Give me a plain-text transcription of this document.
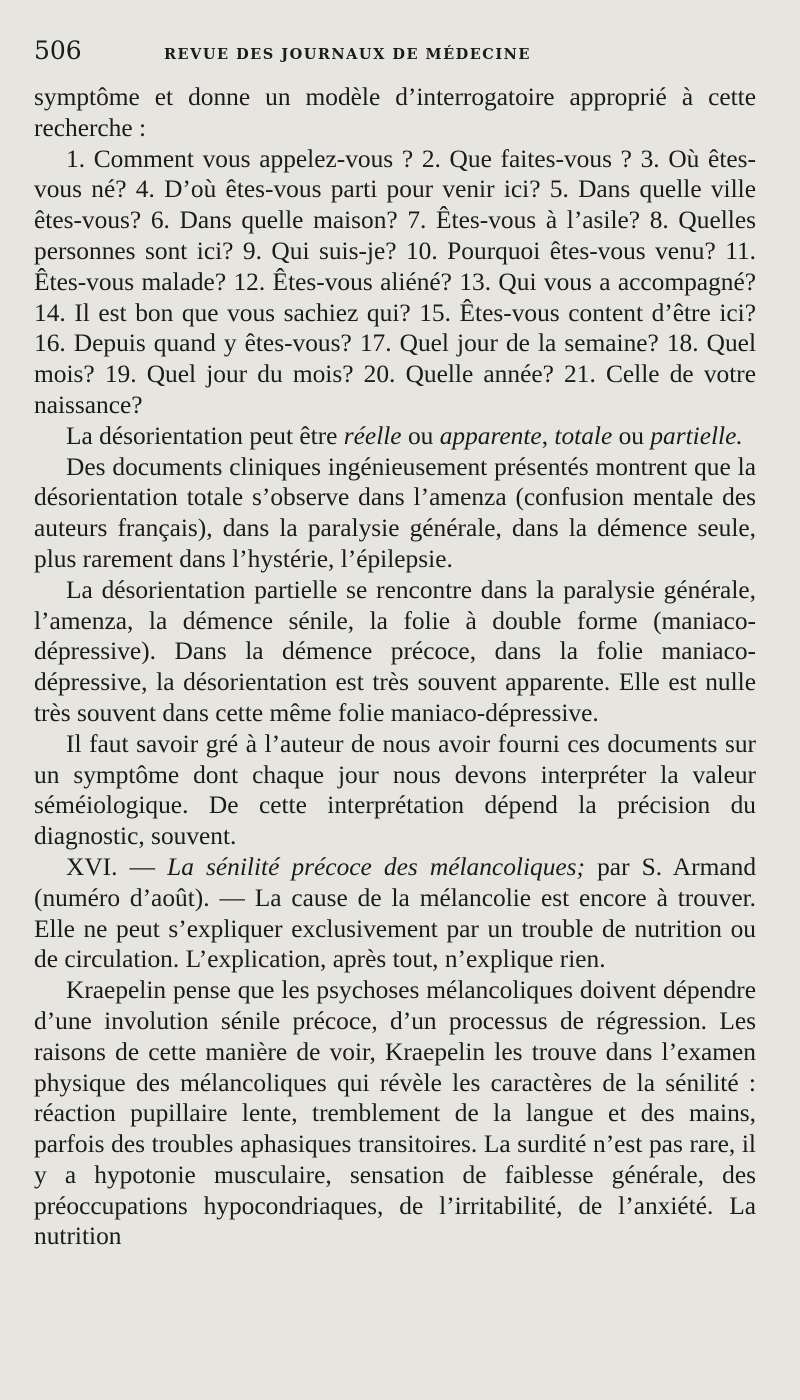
506	REVUE DES JOURNAUX DE MÉDECINE

symptôme et donne un modèle d’interrogatoire approprié à cette recherche :

1. Comment vous appelez-vous ? 2. Que faites-vous ? 3. Où êtes-vous né? 4. D’où êtes-vous parti pour venir ici? 5. Dans quelle ville êtes-vous? 6. Dans quelle maison? 7. Êtes-vous à l’asile? 8. Quelles personnes sont ici? 9. Qui suis-je? 10. Pourquoi êtes-vous venu? 11. Êtes-vous malade? 12. Êtes-vous aliéné? 13. Qui vous a accompagné? 14. Il est bon que vous sachiez qui? 15. Êtes-vous content d’être ici? 16. Depuis quand y êtes-vous? 17. Quel jour de la semaine? 18. Quel mois? 19. Quel jour du mois? 20. Quelle année? 21. Celle de votre naissance?

La désorientation peut être réelle ou apparente, totale ou partielle.

Des documents cliniques ingénieusement présentés montrent que la désorientation totale s’observe dans l’amenza (confusion mentale des auteurs français), dans la paralysie générale, dans la démence seule, plus rarement dans l’hystérie, l’épilepsie.

La désorientation partielle se rencontre dans la paralysie générale, l’amenza, la démence sénile, la folie à double forme (maniaco-dépressive). Dans la démence précoce, dans la folie maniaco-dépressive, la désorientation est très souvent apparente. Elle est nulle très souvent dans cette même folie maniaco-dépressive.

Il faut savoir gré à l’auteur de nous avoir fourni ces documents sur un symptôme dont chaque jour nous devons interpréter la valeur séméiologique. De cette interprétation dépend la précision du diagnostic, souvent.

XVI. — La sénilité précoce des mélancoliques; par S. Armand (numéro d’août). — La cause de la mélancolie est encore à trouver. Elle ne peut s’expliquer exclusivement par un trouble de nutrition ou de circulation. L’explication, après tout, n’explique rien.

Kraepelin pense que les psychoses mélancoliques doivent dépendre d’une involution sénile précoce, d’un processus de régression. Les raisons de cette manière de voir, Kraepelin les trouve dans l’examen physique des mélancoliques qui révèle les caractères de la sénilité : réaction pupillaire lente, tremblement de la langue et des mains, parfois des troubles aphasiques transitoires. La surdité n’est pas rare, il y a hypotonie musculaire, sensation de faiblesse générale, des préoccupations hypocondriaques, de l’irritabilité, de l’anxiété. La nutrition
